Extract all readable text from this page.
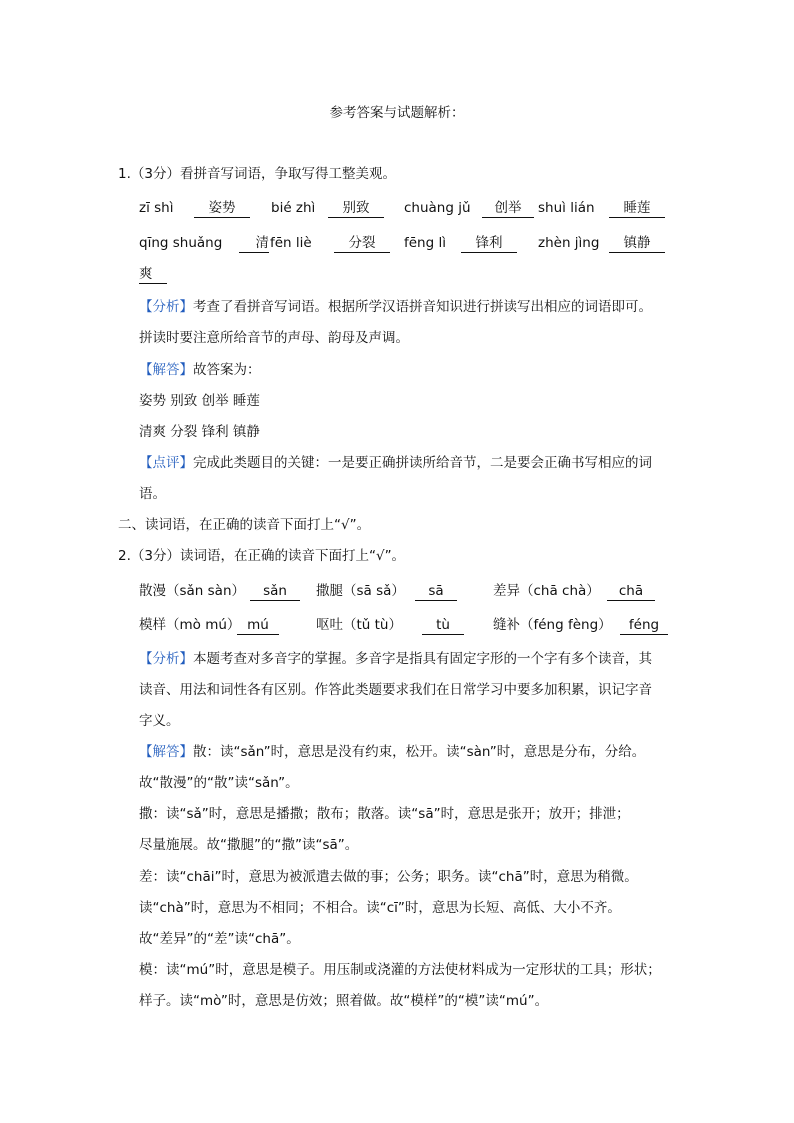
参考答案与试题解析：
1.（3分）看拼音写词语，争取写得工整美观。
zī shì	姿势	bié zhì	别致	chuàng jǔ	创举	shuì lián	睡莲
qīng shuǎng	清 fēn liè	分裂	fēng lì	锋利	zhèn jìng	镇静
爽
【分析】考查了看拼音写词语。根据所学汉语拼音知识进行拼读写出相应的词语即可。
拼读时要注意所给音节的声母、韵母及声调。
【解答】故答案为：
姿势 别致 创举 睡莲
清爽 分裂 锋利 镇静
【点评】完成此类题目的关键：一是要正确拼读所给音节，二是要会正确书写相应的词
语。
二、读词语，在正确的读音下面打上“√”。
2.（3分）读词语，在正确的读音下面打上“√”。
散漫（sǎn sàn）	sǎn	撒腿（sā sǎ）	sā	差异（chā chà）	chā
模样（mò mú） mú	呕吐（tǔ tù）	tù	缝补（féng fèng）	féng
【分析】本题考查对多音字的掌握。多音字是指具有固定字形的一个字有多个读音，其
读音、用法和词性各有区别。作答此类题要求我们在日常学习中要多加积累，识记字音
字义。
【解答】散：读“sǎn”时，意思是没有约束，松开。读“sàn”时，意思是分布，分给。
故“散漫”的“散”读“sǎn”。
撒：读“sǎ”时，意思是播撒；散布；散落。读“sā”时，意思是张开；放开；排泄；
尽量施展。故“撒腿”的“撒”读“sā”。
差：读“chāi”时，意思为被派遣去做的事；公务；职务。读“chā”时，意思为稍微。
读“chà”时，意思为不相同；不相合。读“cī”时，意思为长短、高低、大小不齐。
故“差异”的“差”读“chā”。
模：读“mú”时，意思是模子。用压制或浇灌的方法使材料成为一定形状的工具；形状；
样子。读“mò”时，意思是仿效；照着做。故“模样”的“模”读“mú”。
